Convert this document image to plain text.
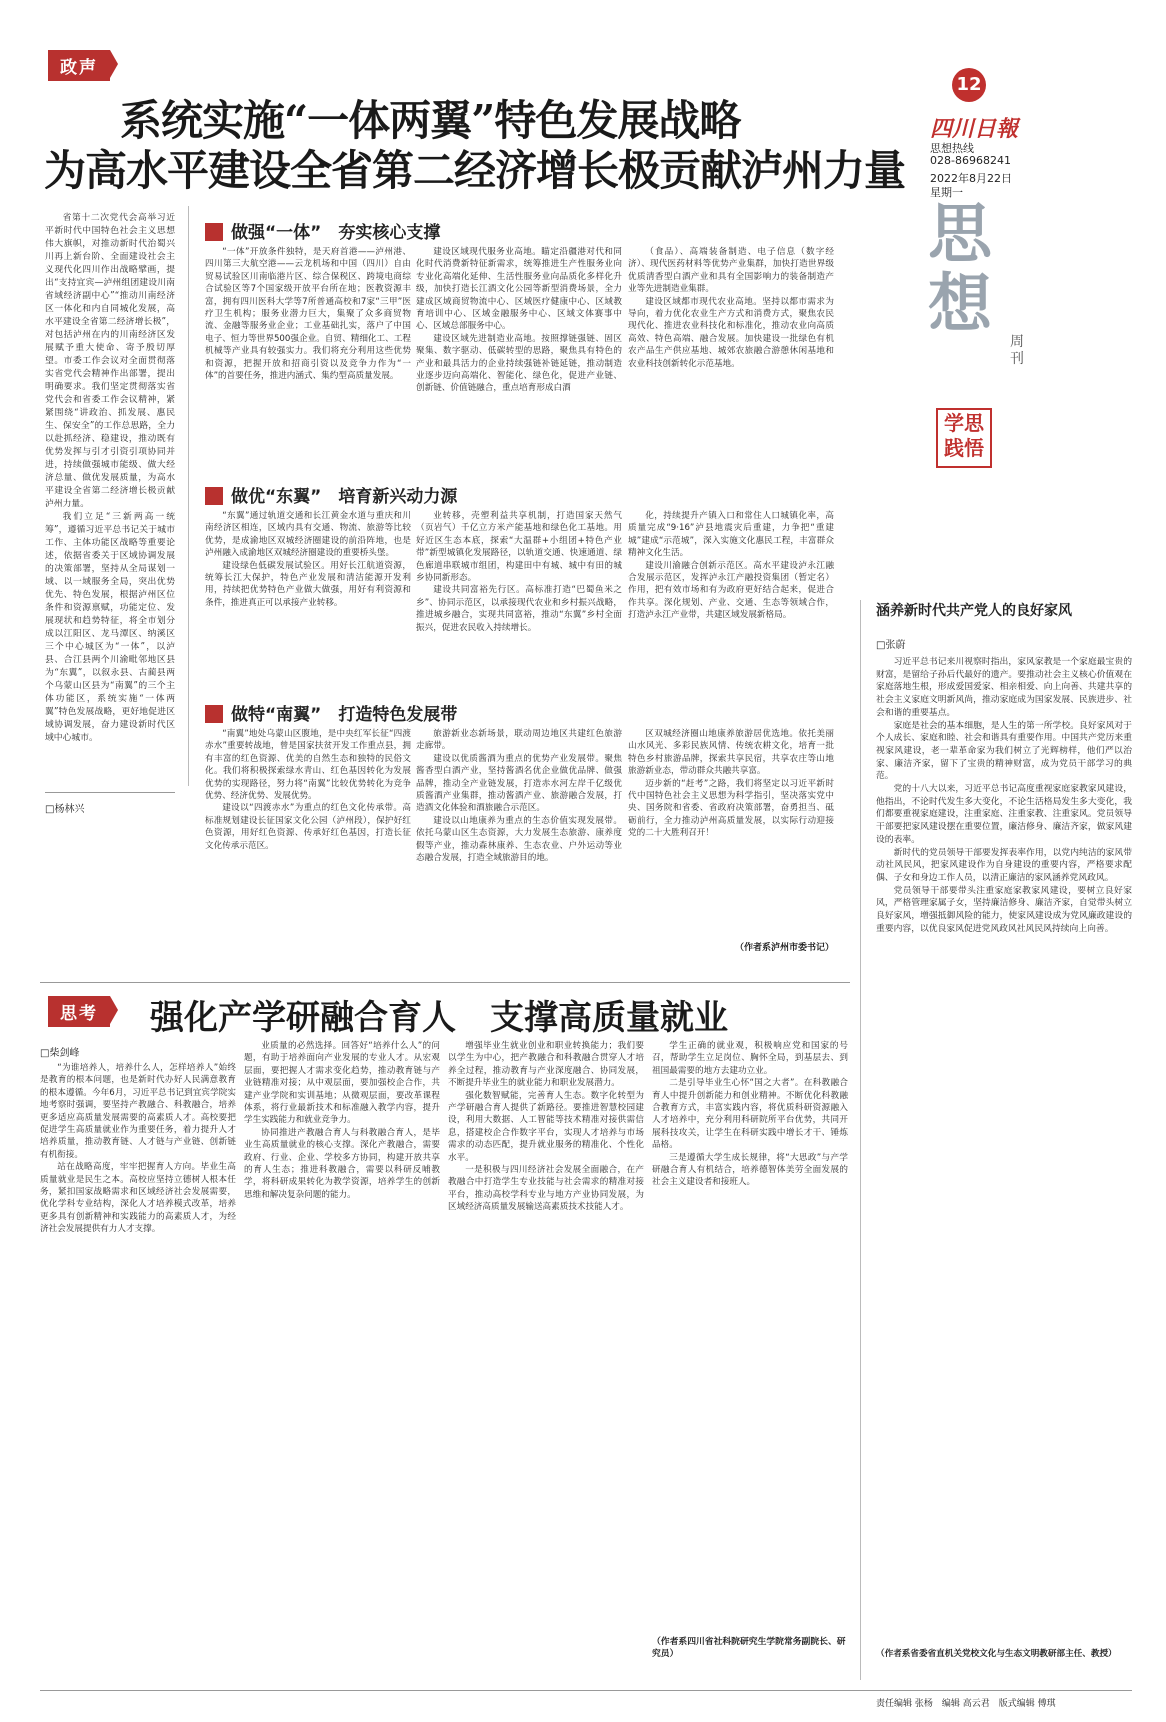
政声
系统实施“一体两翼”特色发展战略
为高水平建设全省第二经济增长极贡献泸州力量
12
四川日報
思想热线
028-86968241
2022年8月22日
星期一
思想	周刊
学思践悟

省第十二次党代会高举习近平新时代中国特色社会主义思想伟大旗帜，对推动新时代治蜀兴川再上新台阶、全面建设社会主义现代化四川作出战略擘画，提出“支持宜宾—泸州组团建设川南省域经济副中心”“推动川南经济区一体化和内自同城化发展，高水平建设全省第二经济增长极”，对包括泸州在内的川南经济区发展赋予重大使命、寄予殷切厚望。市委工作会议对全面贯彻落实省党代会精神作出部署，提出明确要求。我们坚定贯彻落实省党代会和省委工作会议精神，紧紧围绕“讲政治、抓发展、惠民生、保安全”的工作总思路，全力以赴抓经济、稳建设，推动既有优势发挥与引才引资引项协同并进，持续做强城市能级、做大经济总量、做优发展质量，为高水平建设全省第二经济增长极贡献泸州力量。

我们立足“三新两高一统筹”，遵循习近平总书记关于城市工作、主体功能区战略等重要论述，依据省委关于区域协调发展的决策部署，坚持从全局谋划一域、以一域服务全局，突出优势优先、特色发展，根据泸州区位条件和资源禀赋，功能定位、发展现状和趋势特征，将全市划分成以江阳区、龙马潭区、纳溪区三个中心城区为“一体”，以泸县、合江县两个川渝毗邻地区县为“东翼”，以叙永县、古蔺县两个乌蒙山区县为“南翼”的三个主体功能区，系统实施“一体两翼”特色发展战略，更好地促进区域协调发展，奋力建设新时代区域中心城市。

□ 杨林兴
做强“一体”　夯实核心支撑

“一体”开放条件独特，是天府首港——泸州港、四川第三大航空港——云龙机场和中国（四川）自由贸易试验区川南临港片区、综合保税区、跨境电商综合试验区等7个国家级开放平台所在地；医教资源丰富，拥有四川医科大学等7所普通高校和7家“三甲”医疗卫生机构；服务业潜力巨大，集聚了众多商贸物流、金融等服务业企业；工业基础扎实，落户了中国电子、恒力等世界500强企业。自贸、精细化工、工程机械等产业具有较强实力。我们将充分利用这些优势和资源，把握开放和招商引资以及竞争力作为“一体”的首要任务，推进内涵式、集约型高质量发展。

建设区域现代服务业高地。瞄定沿疆港对代和同化时代消费新特征新需求，统筹推进生产性服务业向专业化高端化延伸、生活性服务业向品质化多样化升级，加快打造长江酒文化公园等新型消费场景，全力建成区域商贸物流中心、区域医疗健康中心、区域教育培训中心、区域金融服务中心、区域文体赛事中心、区域总部服务中心。

建设区域先进制造业高地。按照撑链强链、固区聚集、数字驱动、低碳转型的思路，聚焦具有特色的产业和最具活力的企业持续强链补链延链，推动制造业逐步迈向高端化、智能化、绿色化，促进产业链、创新链、价值链融合，重点培育形成白酒

（食品）、高端装备制造、电子信息（数字经济）、现代医药材料等优势产业集群，加快打造世界级优质清香型白酒产业和具有全国影响力的装备制造产业等先进制造业集群。

建设区域都市现代农业高地。坚持以都市需求为导向，着力优化农业生产方式和消费方式，聚焦农民现代化、推进农业科技化和标准化，推动农业向高质高效、特色高端、融合发展。加快建设一批绿色有机农产品生产供应基地、城郊农旅融合游憩休闲基地和农业科技创新转化示范基地。

做优“东翼”　培育新兴动力源

“东翼”通过轨道交通和长江黄金水道与重庆和川南经济区相连，区域内具有交通、物流、旅游等比较优势，是成渝地区双城经济圈建设的前沿阵地，也是泸州融入成渝地区双城经济圈建设的重要桥头堡。

建设绿色低碳发展试验区。用好长江航道资源，统筹长江大保护，特色产业发展和清洁能源开发利用，持续把优势特色产业做大做强，用好有利资源和条件，推进真正可以承接产业转移。

业转移，壳塑利益共享机制，打造国家天然气（页岩气）千亿立方米产能基地和绿色化工基地。用好近区生态本底，探索“大温群+小组团+特色产业带”新型城镇化发展路径，以轨道交通、快速通道、绿色廊道串联城市组团，构建田中有城、城中有田的城乡协同新形态。

建设共同富裕先行区。高标准打造“巴蜀鱼米之乡”、协同示范区，以承接现代农业和乡村振兴战略，推进城乡融合，实现共同富裕，推动“东翼”乡村全面振兴，促进农民收入持续增长。

化，持续提升产镇入口和常住人口城镇化率，高质量完成“9·16”泸县地震灾后重建，力争把“重建城”建成“示范城”，深入实施文化惠民工程，丰富群众精神文化生活。

建设川渝融合创新示范区。高水平建设泸永江融合发展示范区，发挥泸永江产融投资集团（暂定名）作用，把有效市场和有为政府更好结合起来，促进合作共享。深化规划、产业、交通、生态等领域合作，打造泸永江产业带，共建区域发展新格局。

做特“南翼”　打造特色发展带

“南翼”地处乌蒙山区腹地，是中央红军长征“四渡赤水”重要转战地，曾是国家扶贫开发工作重点县，拥有丰富的红色资源、优美的自然生态和独特的民俗文化。我们将积极探索绿水青山、红色基因转化为发展优势的实现路径，努力将“南翼”比较优势转化为竞争优势、经济优势、发展优势。

建设以“四渡赤水”为重点的红色文化传承带。高标准规划建设长征国家文化公园（泸州段），保护好红色资源，用好红色资源、传承好红色基因，打造长征文化传承示范区。

旅游新业态新场景，联动周边地区共建红色旅游走廊带。

建设以优质酱酒为重点的优势产业发展带。聚焦酱香型白酒产业，坚持酱酒名优企业做优品牌、做强品牌，推动全产业链发展，打造赤水河左岸千亿级优质酱酒产业集群，推动酱酒产业、旅游融合发展，打造酒文化体验和酒旅融合示范区。

建设以山地康养为重点的生态价值实现发展带。依托乌蒙山区生态资源，大力发展生态旅游、康养度假等产业，推动森林康养、生态农业、户外运动等业态融合发展，打造全域旅游目的地。

区双城经济圈山地康养旅游居优选地。依托美丽山水风光、多彩民族风情、传统农耕文化，培育一批特色乡村旅游品牌，探索共享民宿，共享农庄等山地旅游新业态，带动群众共融共享富。

迈步新的“赶考”之路，我们将坚定以习近平新时代中国特色社会主义思想为科学指引，坚决落实党中央、国务院和省委、省政府决策部署，奋勇担当、砥砺前行，全力推动泸州高质量发展，以实际行动迎接党的二十大胜利召开！

（作者系泸州市委书记）
涵养新时代共产党人的良好家风
□ 张蔚

习近平总书记来川视察时指出，家风家教是一个家庭最宝贵的财富，是留给子孙后代最好的遗产。要推动社会主义核心价值观在家庭落地生根，形成爱国爱家、相亲相爱、向上向善、共建共享的社会主义家庭文明新风尚，推动家庭成为国家发展、民族进步、社会和谐的重要基点。

家庭是社会的基本细胞，是人生的第一所学校。良好家风对于个人成长、家庭和睦、社会和谐具有重要作用。中国共产党历来重视家风建设，老一辈革命家为我们树立了光辉榜样，他们严以治家、廉洁齐家，留下了宝贵的精神财富，成为党员干部学习的典范。

党的十八大以来，习近平总书记高度重视家庭家教家风建设，他指出，不论时代发生多大变化，不论生活格局发生多大变化，我们都要重视家庭建设，注重家庭、注重家教、注重家风。党员领导干部要把家风建设摆在重要位置，廉洁修身、廉洁齐家，做家风建设的表率。

新时代的党员领导干部要发挥表率作用，以党内纯洁的家风带动社风民风，把家风建设作为自身建设的重要内容，严格要求配偶、子女和身边工作人员，以清正廉洁的家风涵养党风政风。

党员领导干部要带头注重家庭家教家风建设，要树立良好家风，严格管理家属子女，坚持廉洁修身、廉洁齐家，自觉带头树立良好家风，增强抵御风险的能力，使家风建设成为党风廉政建设的重要内容，以优良家风促进党风政风社风民风持续向上向善。

（作者系省委省直机关党校文化与生态文明教研部主任、教授）
思考	强化产学研融合育人　支撑高质量就业
□ 柴剑峰

“为谁培养人，培养什么人，怎样培养人”始终是教育的根本问题，也是新时代办好人民满意教育的根本遵循。今年6月，习近平总书记到宜宾学院实地考察时强调，要坚持产教融合、科教融合，培养更多适应高质量发展需要的高素质人才。高校要把促进学生高质量就业作为重要任务，着力提升人才培养质量，推动教育链、人才链与产业链、创新链有机衔接。

站在战略高度，牢牢把握育人方向。毕业生高质量就业是民生之本。高校应坚持立德树人根本任务，紧扣国家战略需求和区域经济社会发展需要，优化学科专业结构，深化人才培养模式改革，培养更多具有创新精神和实践能力的高素质人才，为经济社会发展提供有力人才支撑。

业质量的必然选择。回答好“培养什么人”的问题，有助于培养面向产业发展的专业人才。从宏观层面，要把握人才需求变化趋势，推动教育链与产业链精准对接；从中观层面，要加强校企合作，共建产业学院和实训基地；从微观层面，要改革课程体系，将行业最新技术和标准融入教学内容，提升学生实践能力和就业竞争力。

协同推进产教融合育人与科教融合育人，是毕业生高质量就业的核心支撑。深化产教融合，需要政府、行业、企业、学校多方协同，构建开放共享的育人生态；推进科教融合，需要以科研反哺教学，将科研成果转化为教学资源，培养学生的创新思维和解决复杂问题的能力。

增强毕业生就业创业和职业转换能力；我们要以学生为中心，把产教融合和科教融合贯穿人才培养全过程，推动教育与产业深度融合、协同发展，不断提升毕业生的就业能力和职业发展潜力。

强化数智赋能，完善育人生态。数字化转型为产学研融合育人提供了新路径。要推进智慧校园建设，利用大数据、人工智能等技术精准对接供需信息，搭建校企合作数字平台，实现人才培养与市场需求的动态匹配，提升就业服务的精准化、个性化水平。

一是积极与四川经济社会发展全面融合，在产教融合中打造学生专业技能与社会需求的精准对接平台，推动高校学科专业与地方产业协同发展，为区域经济高质量发展输送高素质技术技能人才。

学生正确的就业观，积极响应党和国家的号召，帮助学生立足岗位、胸怀全局，到基层去、到祖国最需要的地方去建功立业。

二是引导毕业生心怀“国之大者”。在科教融合育人中提升创新能力和创业精神。不断优化科教融合教育方式，丰富实践内容，将优质科研资源融入人才培养中，充分利用科研院所平台优势，共同开展科技攻关，让学生在科研实践中增长才干、锤炼品格。

三是遵循大学生成长规律，将“大思政”与产学研融合育人有机结合，培养德智体美劳全面发展的社会主义建设者和接班人。

（作者系四川省社科院研究生学院常务副院长、研究员）
责任编辑 张杨　编辑 高云君　版式编辑 傅琪
